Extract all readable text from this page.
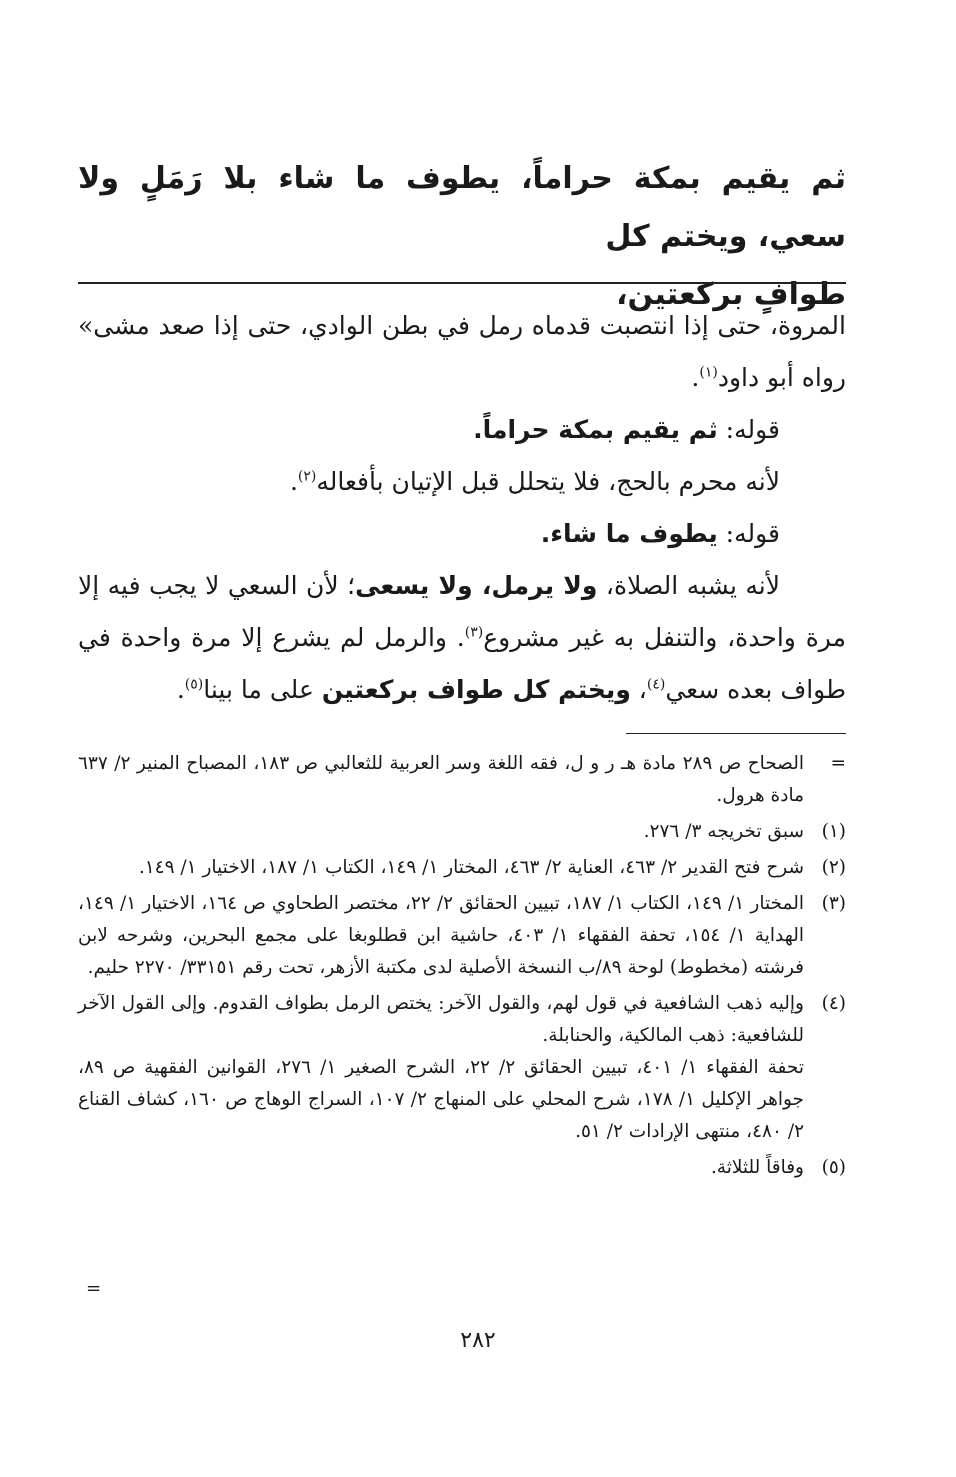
ثم يقيم بمكة حراماً، يطوف ما شاء بلا رَمَلٍ ولا سعي، ويختم كل
طوافٍ بركعتين،

المروة، حتى إذا انتصبت قدماه رمل في بطن الوادي، حتى إذا صعد مشى» رواه أبو داود$^{(١)}$.

قوله: ثم يقيم بمكة حراماً.

لأنه محرم بالحج، فلا يتحلل قبل الإتيان بأفعاله$^{(٢)}$.

قوله: يطوف ما شاء.

لأنه يشبه الصلاة، ولا يرمل، ولا يسعى؛ لأن السعي لا يجب فيه إلا مرة واحدة، والتنفل به غير مشروع$^{(٣)}$. والرمل لم يشرع إلا مرة واحدة في طواف بعده سعي$^{(٤)}$، ويختم كل طواف بركعتين على ما بينا$^{(٥)}$.

=
الصحاح ص ٢٨٩ مادة هـ ر و ل، فقه اللغة وسر العربية للثعالبي ص ١٨٣، المصباح المنير ٢/ ٦٣٧ مادة هرول.
(١)
سبق تخريجه ٣/ ٢٧٦.
(٢)
شرح فتح القدير ٢/ ٤٦٣، العناية ٢/ ٤٦٣، المختار ١/ ١٤٩، الكتاب ١/ ١٨٧، الاختيار ١/ ١٤٩.
(٣)
المختار ١/ ١٤٩، الكتاب ١/ ١٨٧، تبيين الحقائق ٢/ ٢٢، مختصر الطحاوي ص ١٦٤، الاختيار ١/ ١٤٩، الهداية ١/ ١٥٤، تحفة الفقهاء ١/ ٤٠٣، حاشية ابن قطلوبغا على مجمع البحرين، وشرحه لابن فرشته (مخطوط) لوحة ٨٩/ب النسخة الأصلية لدى مكتبة الأزهر، تحت رقم ٣٣١٥١/ ٢٢٧٠ حليم.
(٤)
وإليه ذهب الشافعية في قول لهم، والقول الآخر: يختص الرمل بطواف القدوم. وإلى القول الآخر للشافعية: ذهب المالكية، والحنابلة.
تحفة الفقهاء ١/ ٤٠١، تبيين الحقائق ٢/ ٢٢، الشرح الصغير ١/ ٢٧٦، القوانين الفقهية ص ٨٩، جواهر الإكليل ١/ ١٧٨، شرح المحلي على المنهاج ٢/ ١٠٧، السراج الوهاج ص ١٦٠، كشاف القناع ٢/ ٤٨٠، منتهى الإرادات ٢/ ٥١.
(٥)
وفاقاً للثلاثة.
=
٢٨٢
